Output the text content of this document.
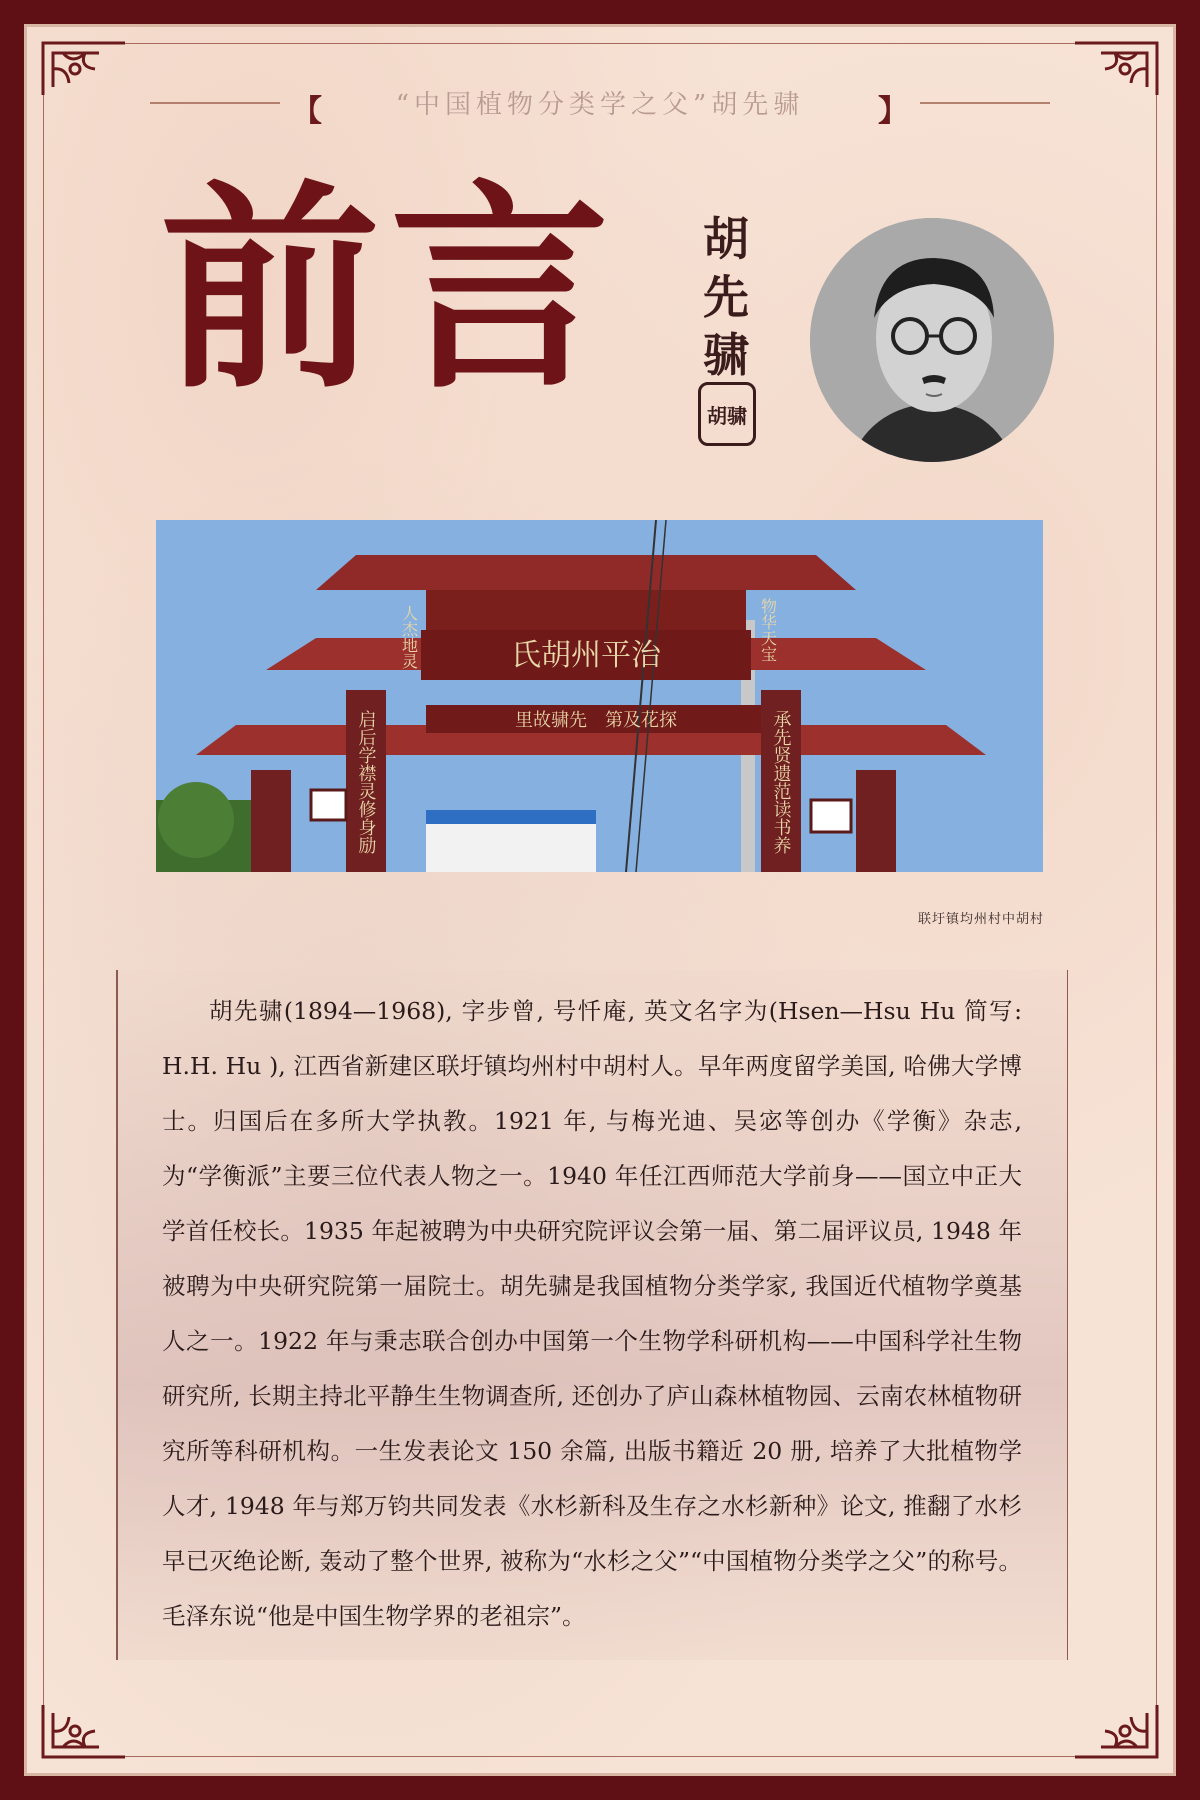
【	“中国植物分类学之父”胡先骕 】
前言 胡
先
骕
胡骕
氏胡州平治
里故骕先　第及花探
人杰地灵	物华天宝
启后学襟灵修身励	承先贤遗范读书养
联圩镇均州村中胡村
胡先骕(1894—1968), 字步曾, 号忏庵, 英文名字为(Hsen—Hsu Hu 简写: H.H. Hu ), 江西省新建区联圩镇均州村中胡村人。早年两度留学美国, 哈佛大学博士。归国后在多所大学执教。1921 年, 与梅光迪、吴宓等创办《学衡》杂志, 为“学衡派”主要三位代表人物之一。1940 年任江西师范大学前身——国立中正大学首任校长。1935 年起被聘为中央研究院评议会第一届、第二届评议员, 1948 年被聘为中央研究院第一届院士。胡先骕是我国植物分类学家, 我国近代植物学奠基人之一。1922 年与秉志联合创办中国第一个生物学科研机构——中国科学社生物研究所, 长期主持北平静生生物调查所, 还创办了庐山森林植物园、云南农林植物研究所等科研机构。一生发表论文 150 余篇, 出版书籍近 20 册, 培养了大批植物学人才, 1948 年与郑万钧共同发表《水杉新科及生存之水杉新种》论文, 推翻了水杉早已灭绝论断, 轰动了整个世界, 被称为“水杉之父”“中国植物分类学之父”的称号。毛泽东说“他是中国生物学界的老祖宗”。
